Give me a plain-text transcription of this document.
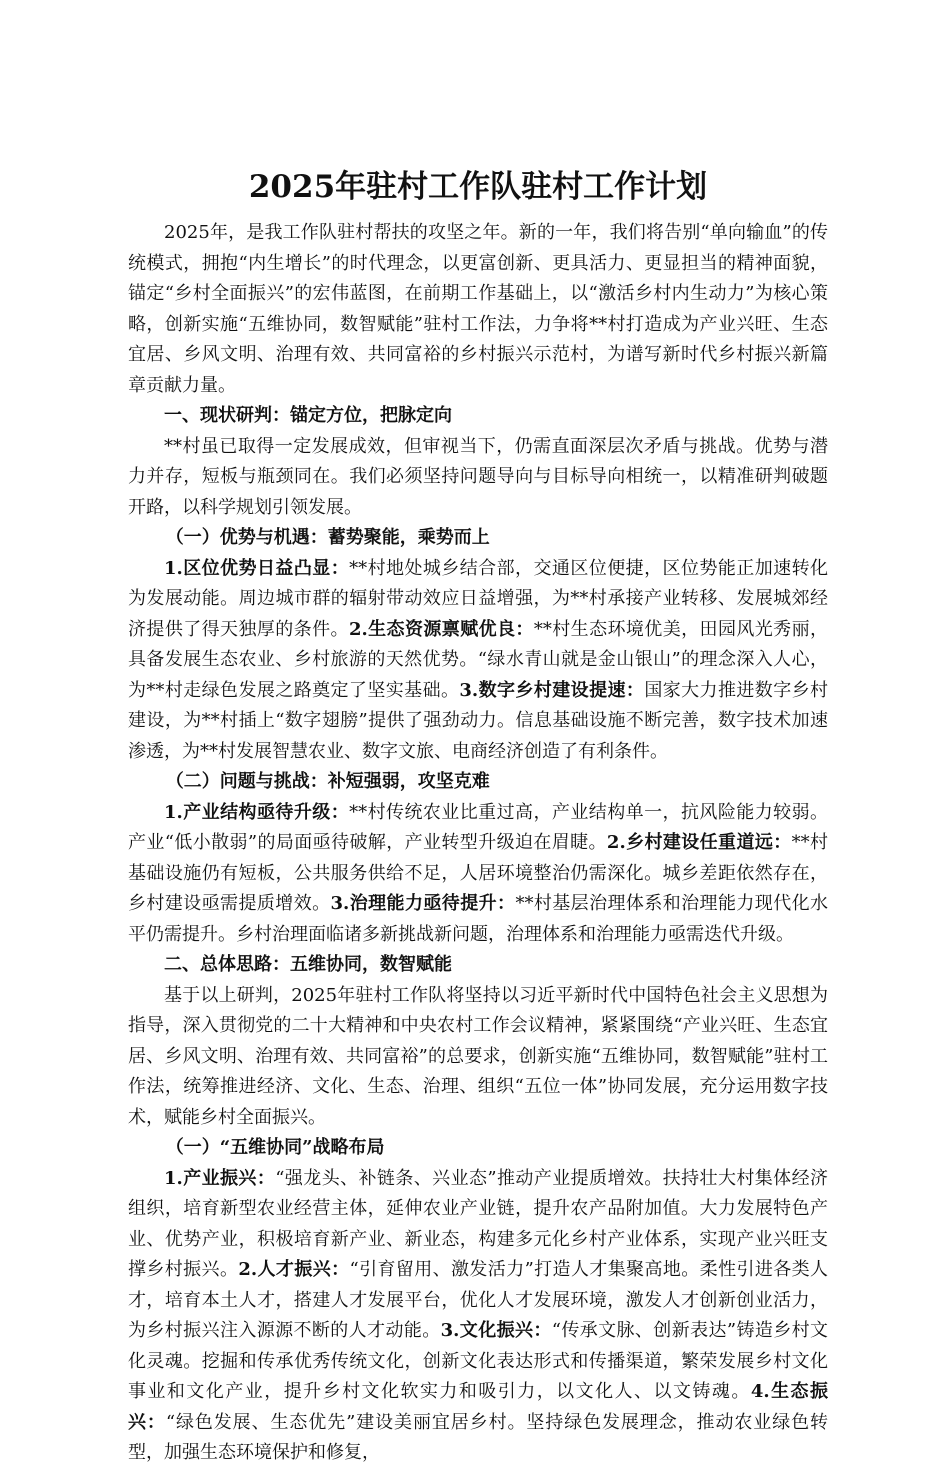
2025年驻村工作队驻村工作计划

2025年，是我工作队驻村帮扶的攻坚之年。新的一年，我们将告别“单向输血”的传统模式，拥抱“内生增长”的时代理念，以更富创新、更具活力、更显担当的精神面貌，锚定“乡村全面振兴”的宏伟蓝图，在前期工作基础上，以“激活乡村内生动力”为核心策略，创新实施“五维协同，数智赋能”驻村工作法，力争将**村打造成为产业兴旺、生态宜居、乡风文明、治理有效、共同富裕的乡村振兴示范村，为谱写新时代乡村振兴新篇章贡献力量。

一、现状研判：锚定方位，把脉定向

**村虽已取得一定发展成效，但审视当下，仍需直面深层次矛盾与挑战。优势与潜力并存，短板与瓶颈同在。我们必须坚持问题导向与目标导向相统一，以精准研判破题开路，以科学规划引领发展。

（一）优势与机遇：蓄势聚能，乘势而上

1.区位优势日益凸显：**村地处城乡结合部，交通区位便捷，区位势能正加速转化为发展动能。周边城市群的辐射带动效应日益增强，为**村承接产业转移、发展城郊经济提供了得天独厚的条件。2.生态资源禀赋优良：**村生态环境优美，田园风光秀丽，具备发展生态农业、乡村旅游的天然优势。“绿水青山就是金山银山”的理念深入人心，为**村走绿色发展之路奠定了坚实基础。3.数字乡村建设提速：国家大力推进数字乡村建设，为**村插上“数字翅膀”提供了强劲动力。信息基础设施不断完善，数字技术加速渗透，为**村发展智慧农业、数字文旅、电商经济创造了有利条件。

（二）问题与挑战：补短强弱，攻坚克难

1.产业结构亟待升级：**村传统农业比重过高，产业结构单一，抗风险能力较弱。产业“低小散弱”的局面亟待破解，产业转型升级迫在眉睫。2.乡村建设任重道远：**村基础设施仍有短板，公共服务供给不足，人居环境整治仍需深化。城乡差距依然存在，乡村建设亟需提质增效。3.治理能力亟待提升：**村基层治理体系和治理能力现代化水平仍需提升。乡村治理面临诸多新挑战新问题，治理体系和治理能力亟需迭代升级。

二、总体思路：五维协同，数智赋能

基于以上研判，2025年驻村工作队将坚持以习近平新时代中国特色社会主义思想为指导，深入贯彻党的二十大精神和中央农村工作会议精神，紧紧围绕“产业兴旺、生态宜居、乡风文明、治理有效、共同富裕”的总要求，创新实施“五维协同，数智赋能”驻村工作法，统筹推进经济、文化、生态、治理、组织“五位一体”协同发展，充分运用数字技术，赋能乡村全面振兴。

（一）“五维协同”战略布局

1.产业振兴：“强龙头、补链条、兴业态”推动产业提质增效。扶持壮大村集体经济组织，培育新型农业经营主体，延伸农业产业链，提升农产品附加值。大力发展特色产业、优势产业，积极培育新产业、新业态，构建多元化乡村产业体系，实现产业兴旺支撑乡村振兴。2.人才振兴：“引育留用、激发活力”打造人才集聚高地。柔性引进各类人才，培育本土人才，搭建人才发展平台，优化人才发展环境，激发人才创新创业活力，为乡村振兴注入源源不断的人才动能。3.文化振兴：“传承文脉、创新表达”铸造乡村文化灵魂。挖掘和传承优秀传统文化，创新文化表达形式和传播渠道，繁荣发展乡村文化事业和文化产业，提升乡村文化软实力和吸引力，以文化人、以文铸魂。4.生态振兴：“绿色发展、生态优先”建设美丽宜居乡村。坚持绿色发展理念，推动农业绿色转型，加强生态环境保护和修复，
